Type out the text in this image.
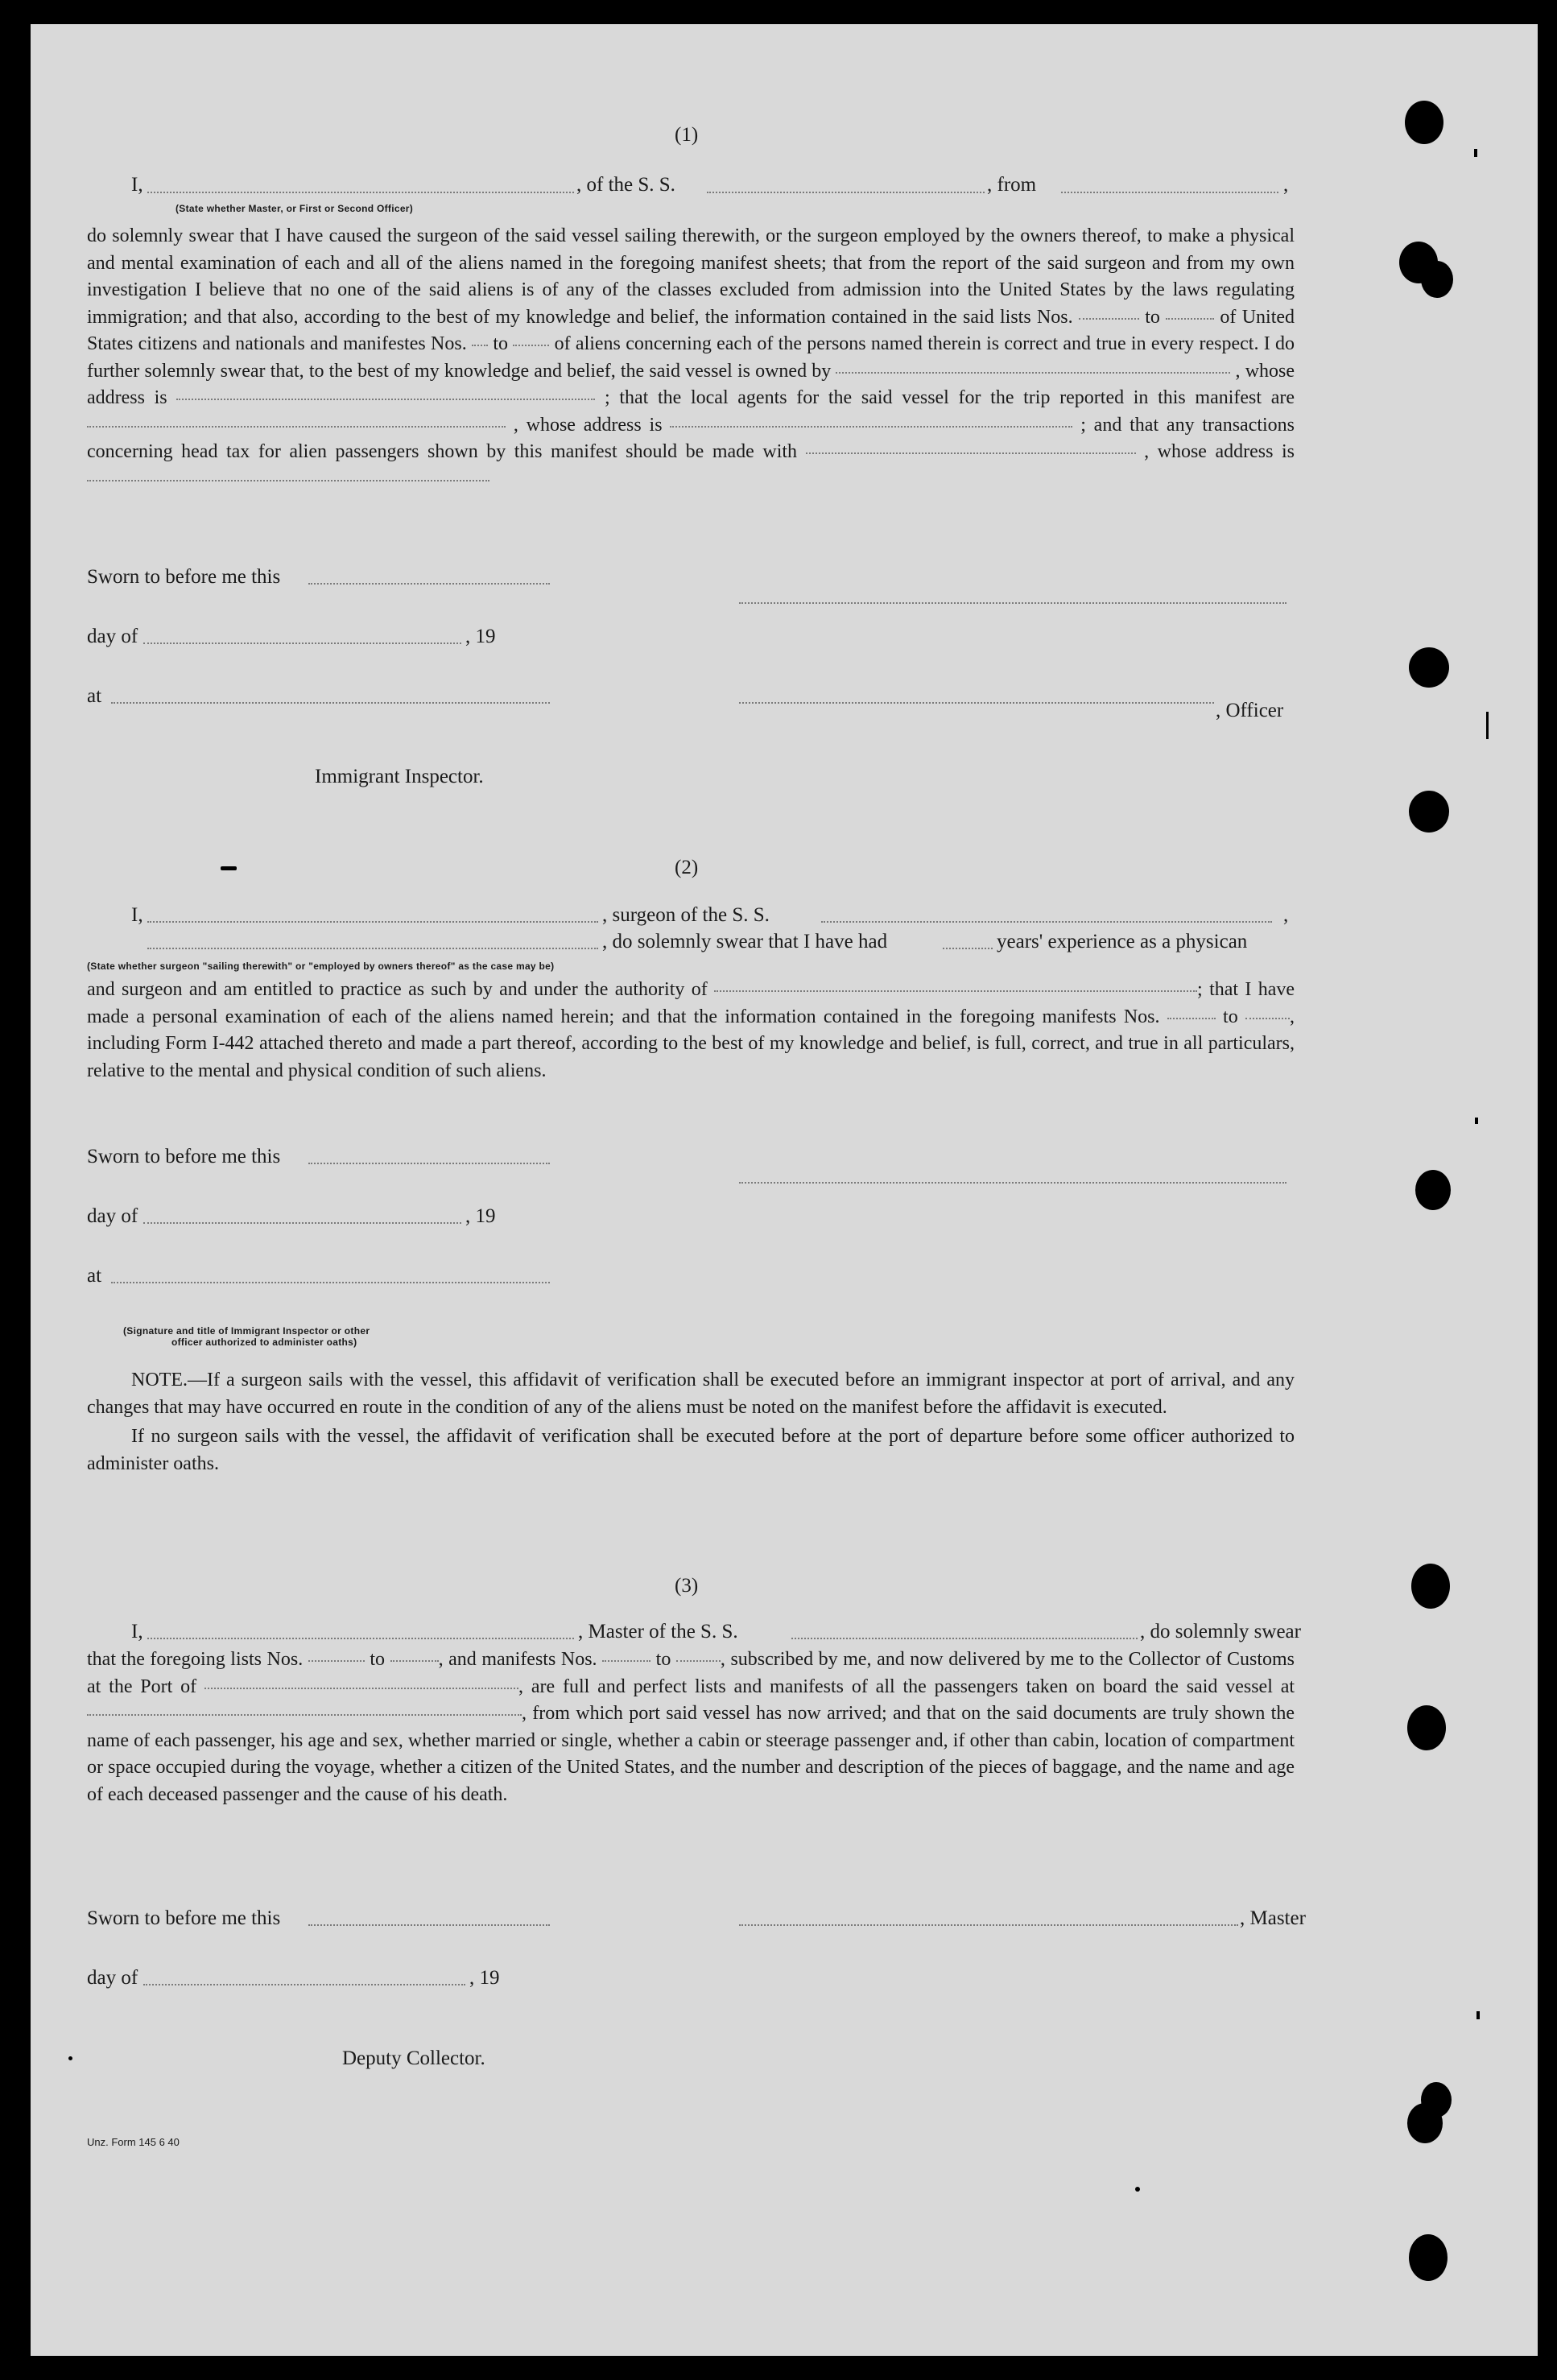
(1)
I,	, of the S. S.	, from	,
(State whether Master, or First or Second Officer)

do solemnly swear that I have caused the surgeon of the said vessel sailing therewith, or the surgeon employed by the owners thereof, to make a physical and mental examination of each and all of the aliens named in the foregoing manifest sheets; that from the report of the said surgeon and from my own investigation I believe that no one of the said aliens is of any of the classes excluded from admission into the United States by the laws regulating immigration; and that also, according to the best of my knowledge and belief, the information contained in the said lists Nos.	to	of United States citizens and nationals and manifestes Nos. to of aliens concerning each of the persons named therein is correct and true in every respect. I do further solemnly swear that, to the best of my knowledge and belief, the said vessel is owned by	, whose address is	; that the local agents for the said vessel for the trip reported in this manifest are  , whose address is	; and that any transactions concerning head tax for alien passengers shown by this manifest should be made with	, whose address is

Sworn to before me this
day of	, 19
at
, Officer
Immigrant Inspector.
(2)
I,	, surgeon of the S. S.	,
, do solemnly swear that I have had	years' experience as a physican
(State whether surgeon "sailing therewith" or "employed by owners thereof" as the case may be)

and surgeon and am entitled to practice as such by and under the authority of	; that I have made a personal examination of each of the aliens named herein; and that the information contained in the foregoing manifests Nos.	to	, including Form I-442 attached thereto and made a part thereof, according to the best of my knowledge and belief, is full, correct, and true in all particulars, relative to the mental and physical condition of such aliens.

Sworn to before me this
day of	, 19
at
(Signature and title of Immigrant Inspector or other
officer authorized to administer oaths)

NOTE.—If a surgeon sails with the vessel, this affidavit of verification shall be executed before an immigrant inspector at port of arrival, and any changes that may have occurred en route in the condition of any of the aliens must be noted on the manifest before the affidavit is executed.

If no surgeon sails with the vessel, the affidavit of verification shall be executed before at the port of departure before some officer authorized to administer oaths.

(3)
I,	, Master of the S. S.	, do solemnly swear

that the foregoing lists Nos.	to	, and manifests Nos.	to	, subscribed by me, and now delivered by me to the Collector of Customs at the Port of	, are full and perfect lists and manifests of all the passengers taken on board the said vessel at , from which port said vessel has now arrived; and that on the said documents are truly shown the name of each passenger, his age and sex, whether married or single, whether a cabin or steerage passenger and, if other than cabin, location of compartment or space occupied during the voyage, whether a citizen of the United States, and the number and description of the pieces of baggage, and the name and age of each deceased passenger and the cause of his death.

Sworn to before me this	, Master
day of	, 19
Deputy Collector.
Unz. Form 145 6 40
